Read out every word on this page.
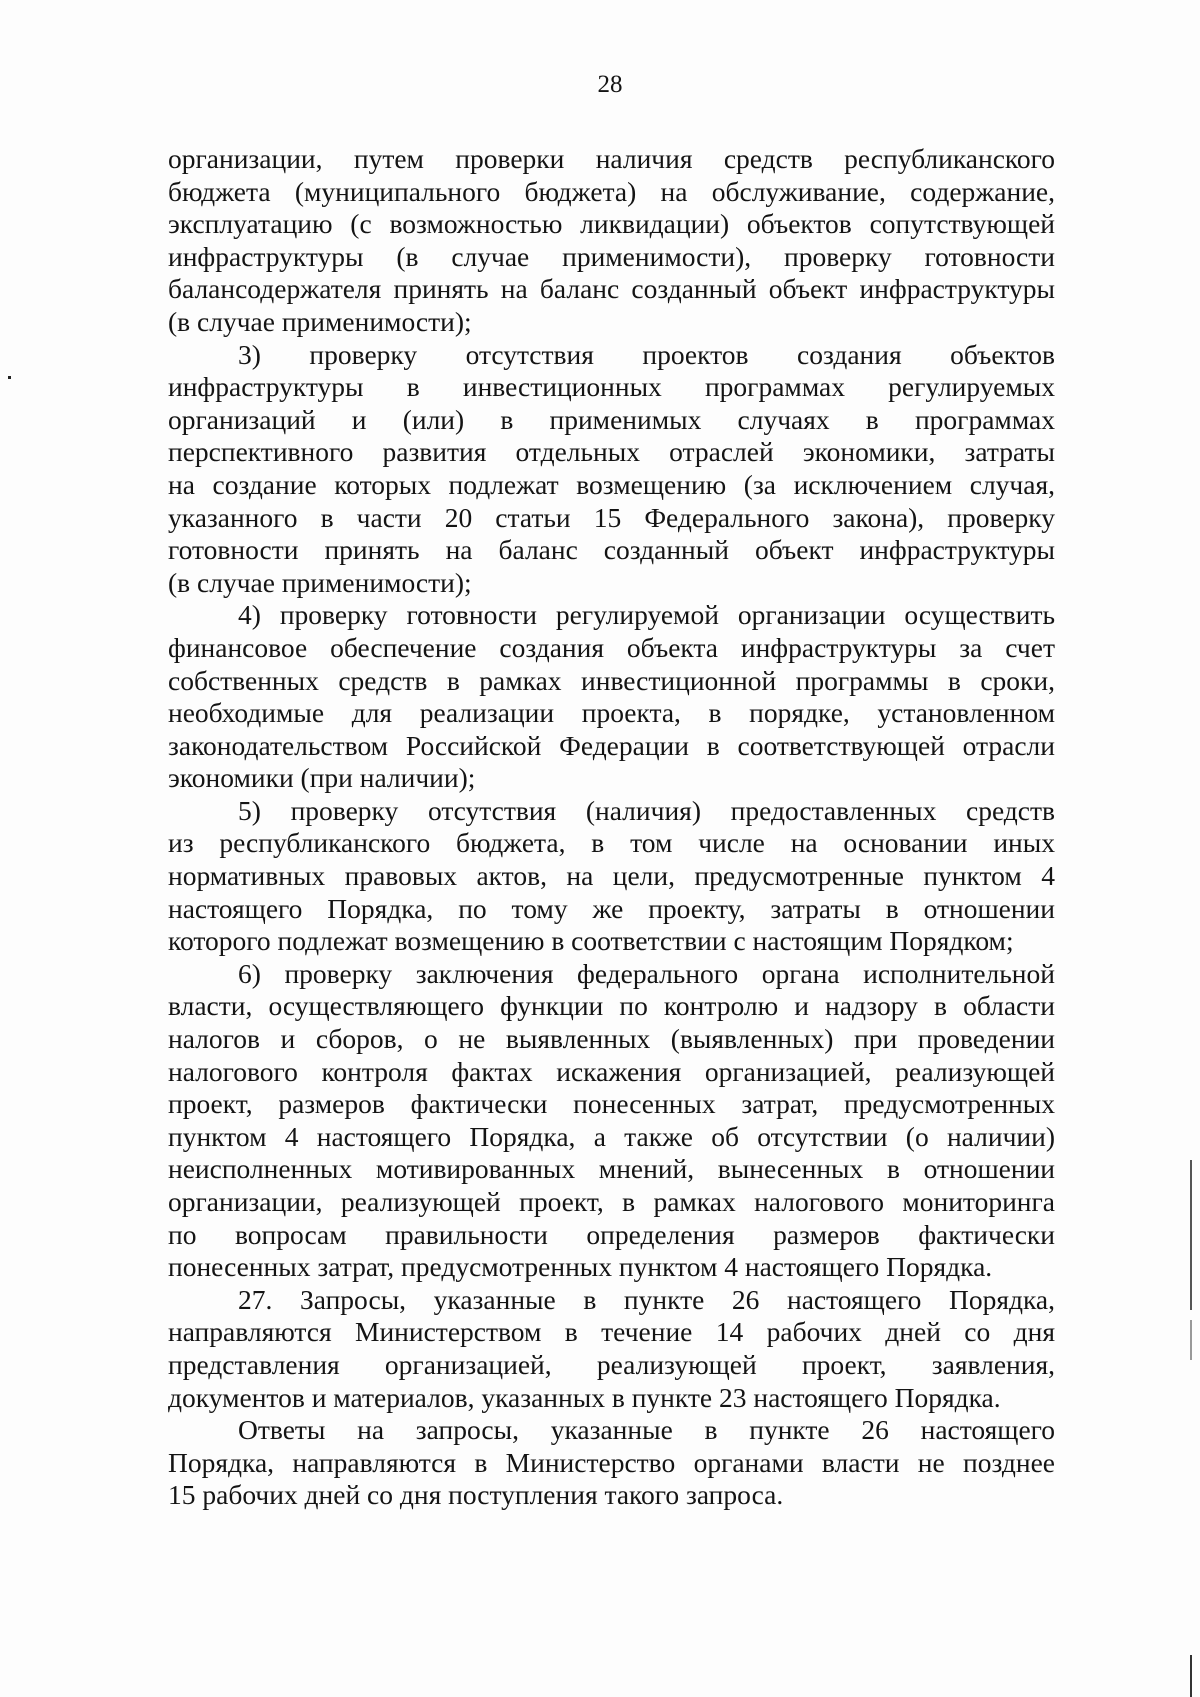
28
организации, путем проверки наличия средств республиканского
бюджета (муниципального бюджета) на обслуживание, содержание,
эксплуатацию (с возможностью ликвидации) объектов сопутствующей
инфраструктуры (в случае применимости), проверку готовности
балансодержателя принять на баланс созданный объект инфраструктуры
(в случае применимости);
3) проверку отсутствия проектов создания объектов
инфраструктуры в инвестиционных программах регулируемых
организаций и (или) в применимых случаях в программах
перспективного развития отдельных отраслей экономики, затраты
на создание которых подлежат возмещению (за исключением случая,
указанного в части 20 статьи 15 Федерального закона), проверку
готовности принять на баланс созданный объект инфраструктуры
(в случае применимости);
4) проверку готовности регулируемой организации осуществить
финансовое обеспечение создания объекта инфраструктуры за счет
собственных средств в рамках инвестиционной программы в сроки,
необходимые для реализации проекта, в порядке, установленном
законодательством Российской Федерации в соответствующей отрасли
экономики (при наличии);
5) проверку отсутствия (наличия) предоставленных средств
из республиканского бюджета, в том числе на основании иных
нормативных правовых актов, на цели, предусмотренные пунктом 4
настоящего Порядка, по тому же проекту, затраты в отношении
которого подлежат возмещению в соответствии с настоящим Порядком;
6) проверку заключения федерального органа исполнительной
власти, осуществляющего функции по контролю и надзору в области
налогов и сборов, о не выявленных (выявленных) при проведении
налогового контроля фактах искажения организацией, реализующей
проект, размеров фактически понесенных затрат, предусмотренных
пунктом 4 настоящего Порядка, а также об отсутствии (о наличии)
неисполненных мотивированных мнений, вынесенных в отношении
организации, реализующей проект, в рамках налогового мониторинга
по вопросам правильности определения размеров фактически
понесенных затрат, предусмотренных пунктом 4 настоящего Порядка.
27. Запросы, указанные в пункте 26 настоящего Порядка,
направляются Министерством в течение 14 рабочих дней со дня
представления организацией, реализующей проект, заявления,
документов и материалов, указанных в пункте 23 настоящего Порядка.
Ответы на запросы, указанные в пункте 26 настоящего
Порядка, направляются в Министерство органами власти не позднее
15 рабочих дней со дня поступления такого запроса.
